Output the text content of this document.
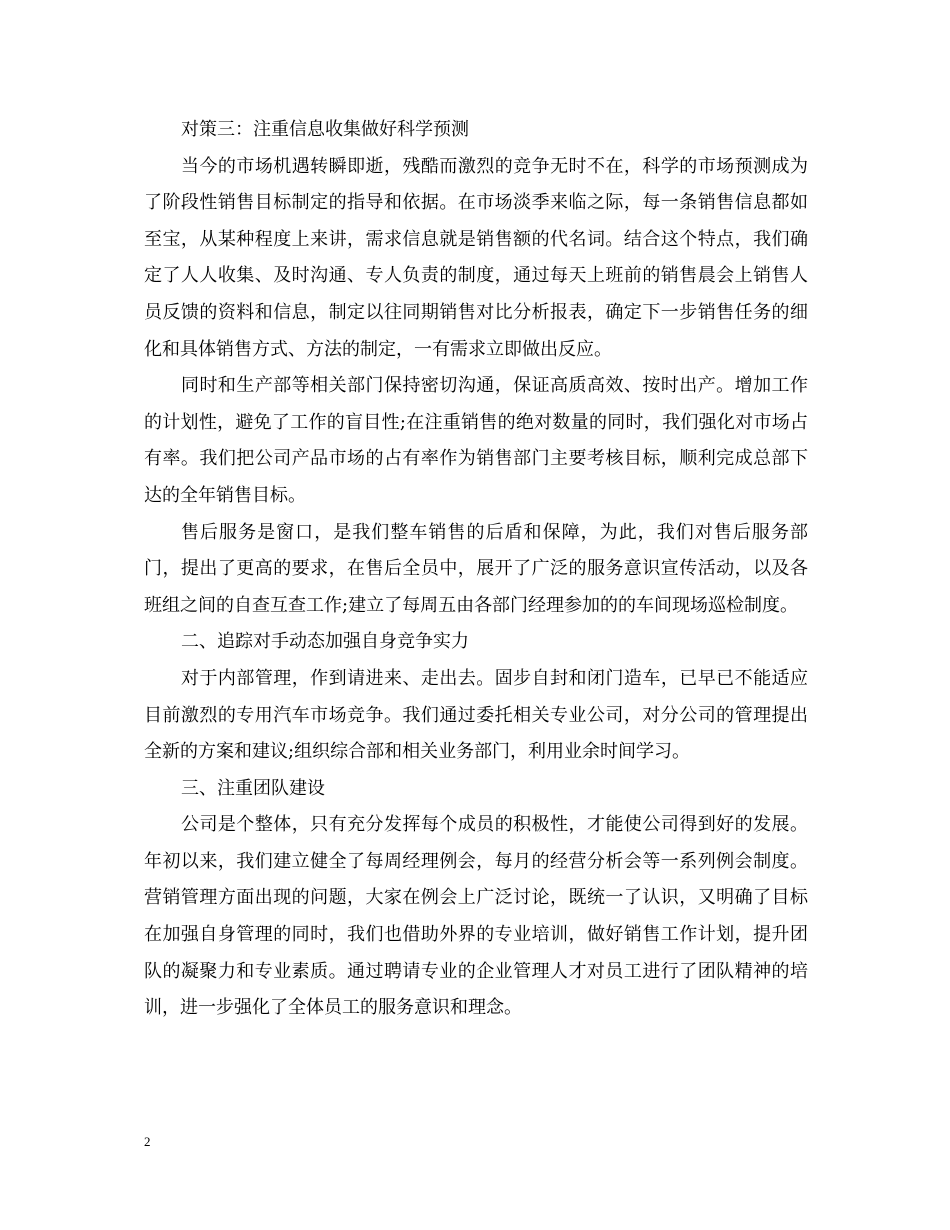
对策三：注重信息收集做好科学预测

当今的市场机遇转瞬即逝，残酷而激烈的竞争无时不在，科学的市场预测成为了阶段性销售目标制定的指导和依据。在市场淡季来临之际，每一条销售信息都如至宝，从某种程度上来讲，需求信息就是销售额的代名词。结合这个特点，我们确定了人人收集、及时沟通、专人负责的制度，通过每天上班前的销售晨会上销售人员反馈的资料和信息，制定以往同期销售对比分析报表，确定下一步销售任务的细化和具体销售方式、方法的制定，一有需求立即做出反应。

同时和生产部等相关部门保持密切沟通，保证高质高效、按时出产。增加工作的计划性，避免了工作的盲目性;在注重销售的绝对数量的同时，我们强化对市场占有率。我们把公司产品市场的占有率作为销售部门主要考核目标，顺利完成总部下达的全年销售目标。

售后服务是窗口，是我们整车销售的后盾和保障，为此，我们对售后服务部门，提出了更高的要求，在售后全员中，展开了广泛的服务意识宣传活动，以及各班组之间的自查互查工作;建立了每周五由各部门经理参加的的车间现场巡检制度。

二、追踪对手动态加强自身竞争实力

对于内部管理，作到请进来、走出去。固步自封和闭门造车，已早已不能适应目前激烈的专用汽车市场竞争。我们通过委托相关专业公司，对分公司的管理提出全新的方案和建议;组织综合部和相关业务部门，利用业余时间学习。

三、注重团队建设

公司是个整体，只有充分发挥每个成员的积极性，才能使公司得到好的发展。年初以来，我们建立健全了每周经理例会，每月的经营分析会等一系列例会制度。营销管理方面出现的问题，大家在例会上广泛讨论，既统一了认识，又明确了目标在加强自身管理的同时，我们也借助外界的专业培训，做好销售工作计划，提升团队的凝聚力和专业素质。通过聘请专业的企业管理人才对员工进行了团队精神的培训，进一步强化了全体员工的服务意识和理念。

2
